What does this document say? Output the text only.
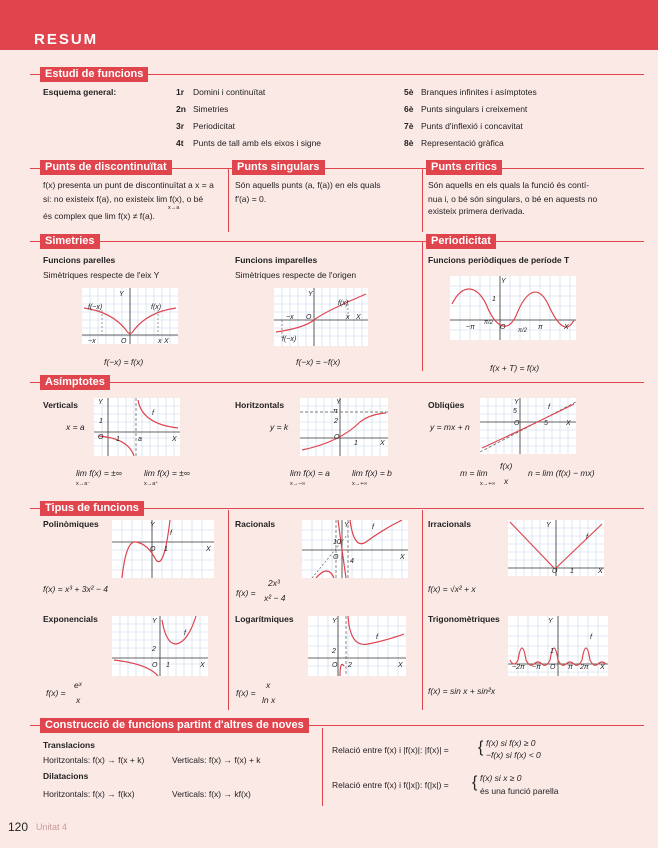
RESUM
Estudi de funcions
Esquema general:	1r Domini i continuïtat
2n Simetries
3r Periodicitat
4t Punts de tall amb els eixos i signe
5è Branques infinites i asímptotes
6è Punts singulars i creixement
7è Punts d'inflexió i concavitat
8è Representació gràfica
Punts de discontinuïtat	Punts singulars	Punts crítics
f(x) presenta un punt de discontinuïtat a x = a
si: no existeix f(a), no existeix lim f(x), o bé
és complex que lim f(x) ≠ f(a).
x→a
Són aquells punts (a, f(a)) en els quals
f′(a) = 0.
Són aquells en els quals la funció és contí-
nua i, o bé són singulars, o bé en aquests no
existeix primera derivada.
Simetries	Periodicitat
Funcions parelles
Simètriques respecte de l'eix Y
Funcions imparelles
Simètriques respecte de l'origen
Funcions periòdiques de període T
f(−x)	f(x)
−x	x
O
Y
X
f(−x) = f(x)
f(x)
f(−x)
−x	x
O
Y
X
f(−x) = −f(x)
−π
π/2
O π/2 π
1
Y
X
f(x + T) = f(x)
Asímptotes
Verticals
x = a
Horitzontals
y = k
Obliqües
y = mx + n
Y
f
1
O 1	a	X
Y
π
2
O
1	X
Y
5
f
O	5	X
lim f(x) = ±∞
x→a⁻
lim f(x) = ±∞
x→a⁺
lim f(x) = a
x→−∞
lim f(x) = b
x→+∞
m = lim
f(x)
x
x→+∞
n = lim (f(x) − mx)
Tipus de funcions
Polinòmiques	Y
f
O 1	X
f(x) = x³ + 3x² − 4
Racionals	Y	f
10
O
4
X
f(x) =
2x³
x² − 4
Irracionals	Y
f
O 1	X
f(x) = √x² + x
Exponencials	Y
f
2
O 1	X
f(x) =
eˣ
x
Logarítmiques	Y
f
2
O 2	X
f(x) =
x
ln x
Trigonomètriques	Y
f
1
−2π −π O π 2π X
f(x) = sin x + sin²x
Construcció de funcions partint d'altres de noves
Translacions
Horitzontals: f(x) → f(x + k)	Verticals: f(x) → f(x) + k
Dilatacions
Horitzontals: f(x) → f(kx)	Verticals: f(x) → kf(x)
Relació entre f(x) i |f(x)|: |f(x)| = { f(x) si f(x) ≥ 0
−f(x) si f(x) < 0
Relació entre f(x) i f(|x|): f(|x|) = { f(x) si x ≥ 0
és una funció parella
120 Unitat 4
